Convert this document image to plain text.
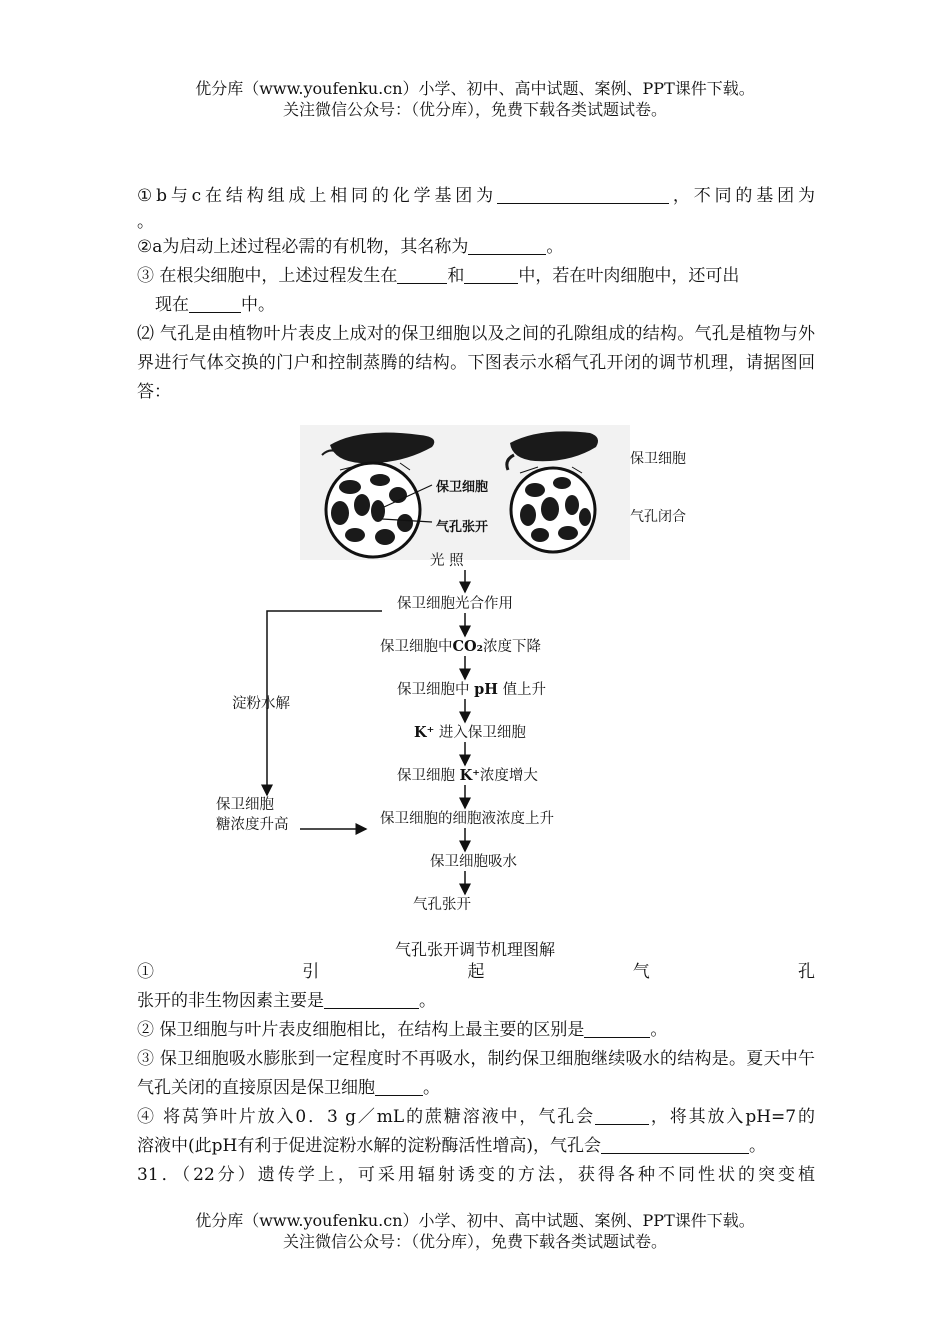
优分库（www.youfenku.cn）小学、初中、高中试题、案例、PPT课件下载。

关注微信公众号：（优分库），免费下载各类试题试卷。

①b与c在结构组成上相同的化学基团为	，不同的基团为

。

②a为启动上述过程必需的有机物，其名称为	。

③ 在根尖细胞中，上述过程发生在	和	中，若在叶肉细胞中，还可出

现在	中。

⑵ 气孔是由植物叶片表皮上成对的保卫细胞以及之间的孔隙组成的结构。气孔是植物与外界进行气体交换的门户和控制蒸腾的结构。下图表示水稻气孔开闭的调节机理，请据图回答：

保卫细胞
气孔张开
保卫细胞
气孔闭合
光 照
保卫细胞光合作用
保卫细胞中CO₂浓度下降
保卫细胞中 pH 值上升
K⁺ 进入保卫细胞
保卫细胞 K⁺浓度增大
保卫细胞的细胞液浓度上升
保卫细胞吸水
气孔张开
淀粉水解
保卫细胞
糖浓度升高
气孔张开调节机理图解

①引起气孔

张开的非生物因素主要是	。

② 保卫细胞与叶片表皮细胞相比，在结构上最主要的区别是	。

③ 保卫细胞吸水膨胀到一定程度时不再吸水，制约保卫细胞继续吸水的结构是。夏天中午气孔关闭的直接原因是保卫细胞	。

④ 将莴笋叶片放入0．3 g／mL的蔗糖溶液中，气孔会	，将其放入pH=7的

溶液中(此pH有利于促进淀粉水解的淀粉酶活性增高)，气孔会	。

31．（22分）遗传学上，可采用辐射诱变的方法，获得各种不同性状的突变植

优分库（www.youfenku.cn）小学、初中、高中试题、案例、PPT课件下载。

关注微信公众号：（优分库），免费下载各类试题试卷。
